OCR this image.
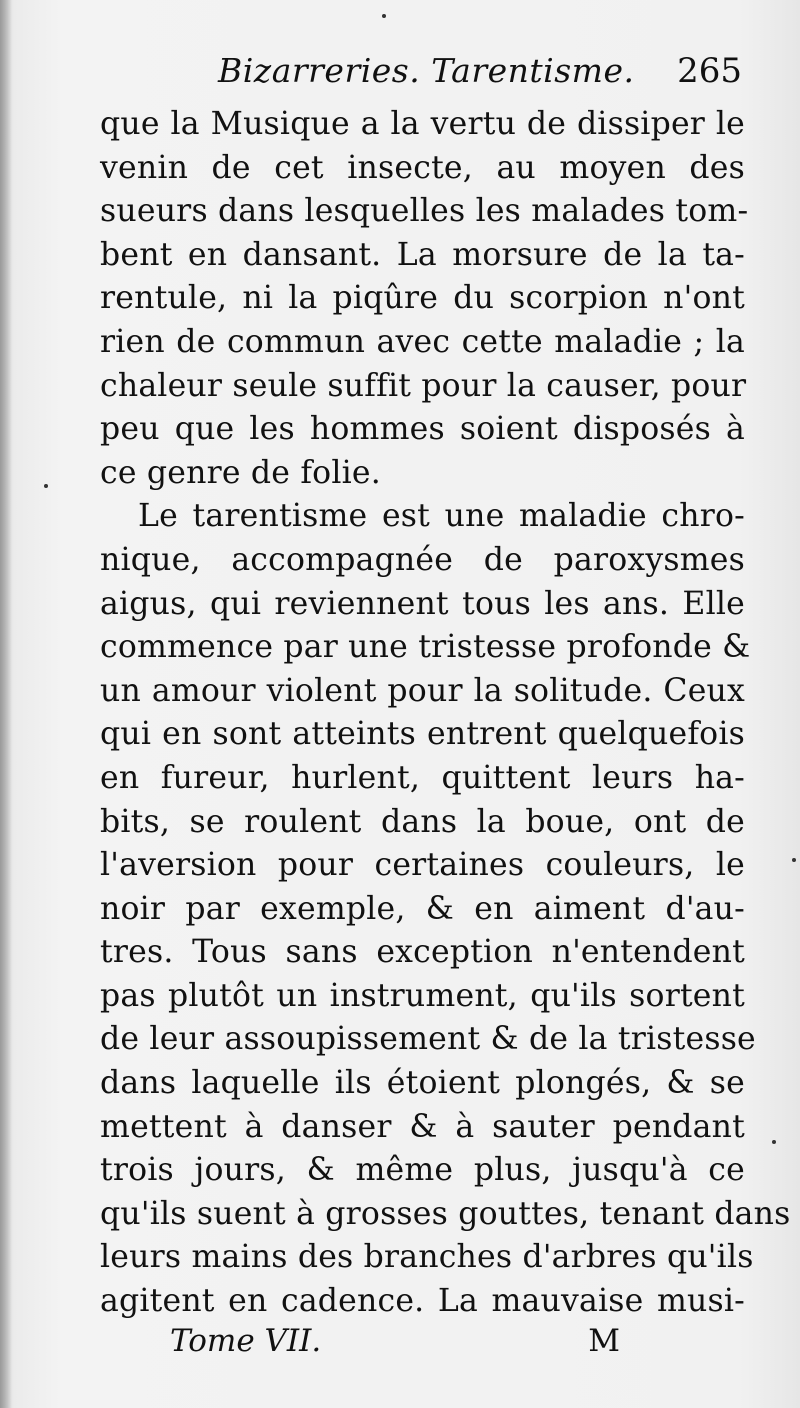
Bizarreries. Tarentisme. 265
que la Musique a la vertu de dissiper le
venin de cet insecte, au moyen des
sueurs dans lesquelles les malades tom-
bent en dansant. La morsure de la ta-
rentule, ni la piqûre du scorpion n'ont
rien de commun avec cette maladie ; la
chaleur seule suffit pour la causer, pour
peu que les hommes soient disposés à
ce genre de folie.
Le tarentisme est une maladie chro-
nique, accompagnée de paroxysmes
aigus, qui reviennent tous les ans. Elle
commence par une tristesse profonde &
un amour violent pour la solitude. Ceux
qui en sont atteints entrent quelquefois
en fureur, hurlent, quittent leurs ha-
bits, se roulent dans la boue, ont de
l'aversion pour certaines couleurs, le
noir par exemple, & en aiment d'au-
tres. Tous sans exception n'entendent
pas plutôt un instrument, qu'ils sortent
de leur assoupissement & de la tristesse
dans laquelle ils étoient plongés, & se
mettent à danser & à sauter pendant
trois jours, & même plus, jusqu'à ce
qu'ils suent à grosses gouttes, tenant dans
leurs mains des branches d'arbres qu'ils
agitent en cadence. La mauvaise musi-
Tome VII.	M
